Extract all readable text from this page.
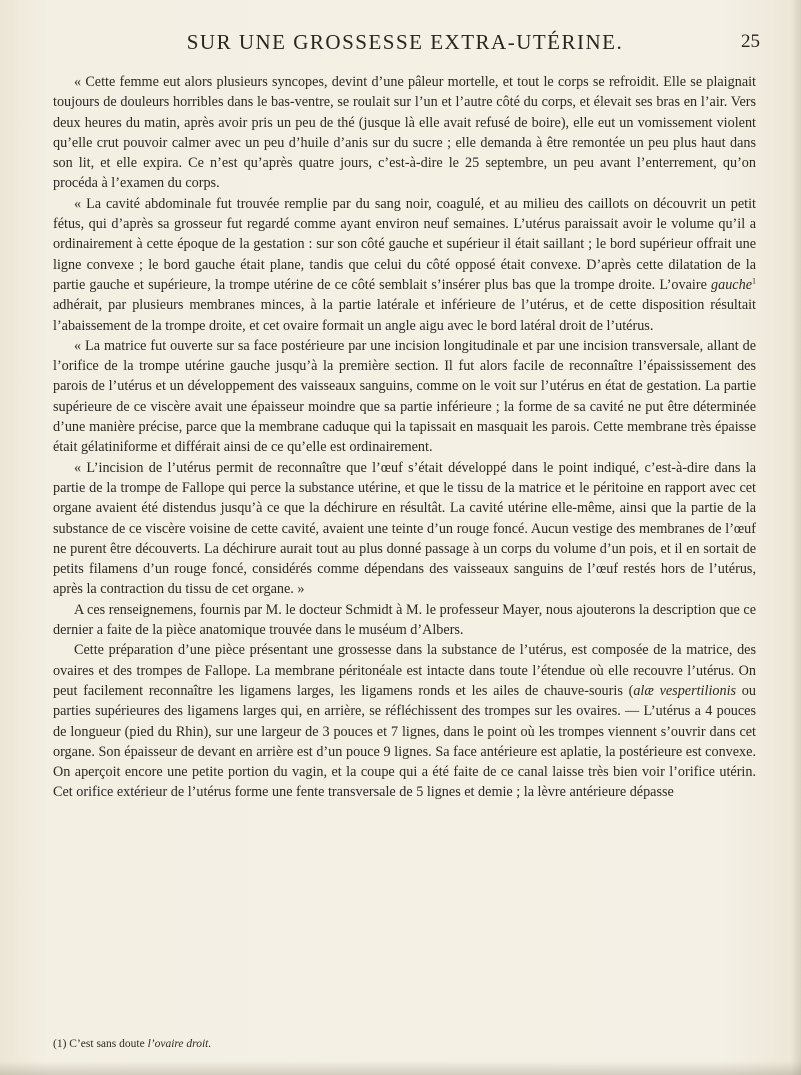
SUR UNE GROSSESSE EXTRA-UTÉRINE.	25

« Cette femme eut alors plusieurs syncopes, devint d’une pâleur mortelle, et tout le corps se refroidit. Elle se plaignait toujours de douleurs horribles dans le bas-ventre, se roulait sur l’un et l’autre côté du corps, et élevait ses bras en l’air. Vers deux heures du matin, après avoir pris un peu de thé (jusque là elle avait refusé de boire), elle eut un vomissement violent qu’elle crut pouvoir calmer avec un peu d’huile d’anis sur du sucre ; elle demanda à être remontée un peu plus haut dans son lit, et elle expira. Ce n’est qu’après quatre jours, c’est-à-dire le 25 septembre, un peu avant l’enterrement, qu’on procéda à l’examen du corps.

« La cavité abdominale fut trouvée remplie par du sang noir, coagulé, et au milieu des caillots on découvrit un petit fétus, qui d’après sa grosseur fut regardé comme ayant environ neuf semaines. L’utérus paraissait avoir le volume qu’il a ordinairement à cette époque de la gestation : sur son côté gauche et supérieur il était saillant ; le bord supérieur offrait une ligne convexe ; le bord gauche était plane, tandis que celui du côté opposé était convexe. D’après cette dilatation de la partie gauche et supérieure, la trompe utérine de ce côté semblait s’insérer plus bas que la trompe droite. L’ovaire gauche$^1$ adhérait, par plusieurs membranes minces, à la partie latérale et inférieure de l’utérus, et de cette disposition résultait l’abaissement de la trompe droite, et cet ovaire formait un angle aigu avec le bord latéral droit de l’utérus.

« La matrice fut ouverte sur sa face postérieure par une incision longitudinale et par une incision transversale, allant de l’orifice de la trompe utérine gauche jusqu’à la première section. Il fut alors facile de reconnaître l’épaississement des parois de l’utérus et un développement des vaisseaux sanguins, comme on le voit sur l’utérus en état de gestation. La partie supérieure de ce viscère avait une épaisseur moindre que sa partie inférieure ; la forme de sa cavité ne put être déterminée d’une manière précise, parce que la membrane caduque qui la tapissait en masquait les parois. Cette membrane très épaisse était gélatiniforme et différait ainsi de ce qu’elle est ordinairement.

« L’incision de l’utérus permit de reconnaître que l’œuf s’était développé dans le point indiqué, c’est-à-dire dans la partie de la trompe de Fallope qui perce la substance utérine, et que le tissu de la matrice et le péritoine en rapport avec cet organe avaient été distendus jusqu’à ce que la déchirure en résultât. La cavité utérine elle-même, ainsi que la partie de la substance de ce viscère voisine de cette cavité, avaient une teinte d’un rouge foncé. Aucun vestige des membranes de l’œuf ne purent être découverts. La déchirure aurait tout au plus donné passage à un corps du volume d’un pois, et il en sortait de petits filamens d’un rouge foncé, considérés comme dépendans des vaisseaux sanguins de l’œuf restés hors de l’utérus, après la contraction du tissu de cet organe. »

A ces renseignemens, fournis par M. le docteur Schmidt à M. le professeur Mayer, nous ajouterons la description que ce dernier a faite de la pièce anatomique trouvée dans le muséum d’Albers.

Cette préparation d’une pièce présentant une grossesse dans la substance de l’utérus, est composée de la matrice, des ovaires et des trompes de Fallope. La membrane péritonéale est intacte dans toute l’étendue où elle recouvre l’utérus. On peut facilement reconnaître les ligamens larges, les ligamens ronds et les ailes de chauve-souris (alæ vespertilionis ou parties supérieures des ligamens larges qui, en arrière, se réfléchissent des trompes sur les ovaires. — L’utérus a 4 pouces de longueur (pied du Rhin), sur une largeur de 3 pouces et 7 lignes, dans le point où les trompes viennent s’ouvrir dans cet organe. Son épaisseur de devant en arrière est d’un pouce 9 lignes. Sa face antérieure est aplatie, la postérieure est convexe. On aperçoit encore une petite portion du vagin, et la coupe qui a été faite de ce canal laisse très bien voir l’orifice utérin. Cet orifice extérieur de l’utérus forme une fente transversale de 5 lignes et demie ; la lèvre antérieure dépasse

(1) C’est sans doute l’ovaire droit.
